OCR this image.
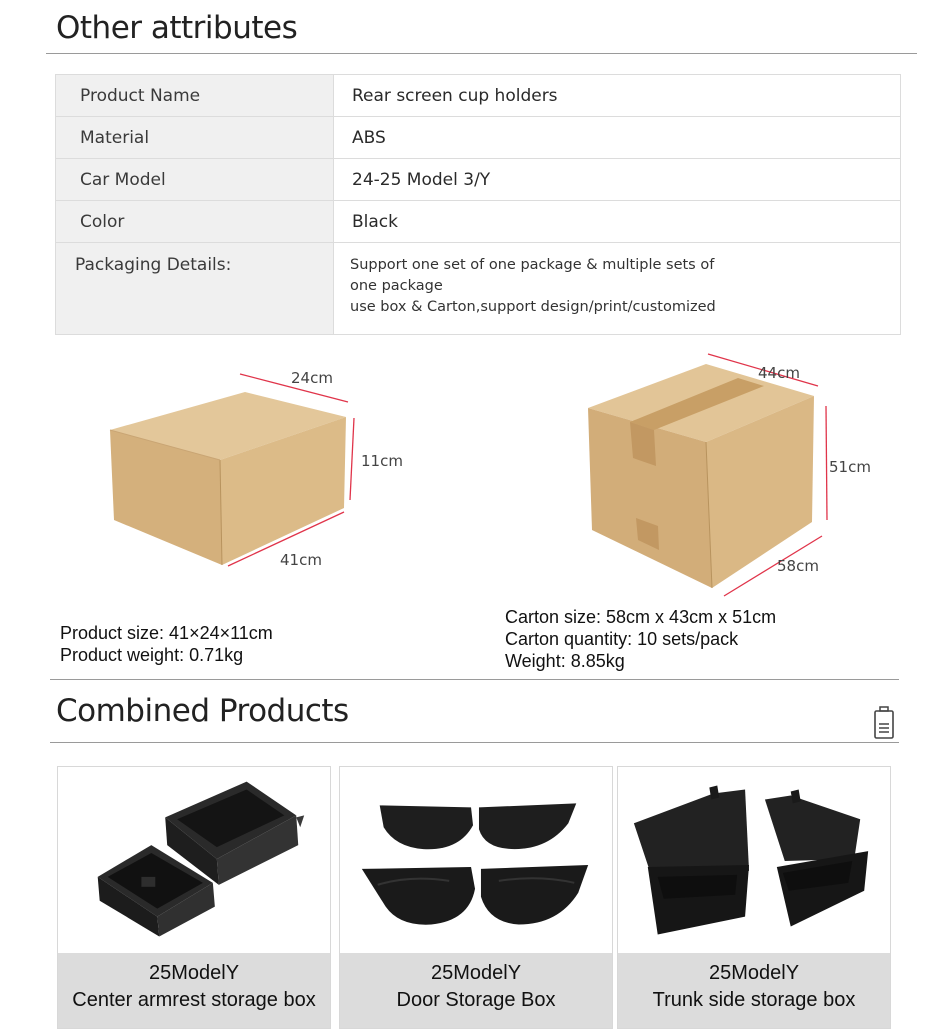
Other attributes
Product Name	Rear screen cup holders
Material	ABS
Car Model	24-25 Model 3/Y
Color	Black
Packaging Details:	Support one set of one package & multiple sets of
one package
use box & Carton,support design/print/customized
24cm
11cm
41cm
44cm
51cm
58cm
Product size: 41×24×11cm
Product weight: 0.71kg
Carton size: 58cm x 43cm x 51cm
Carton quantity: 10 sets/pack
Weight: 8.85kg
Combined Products
25ModelY
Center armrest storage box
25ModelY
Door Storage Box
25ModelY
Trunk side storage box
